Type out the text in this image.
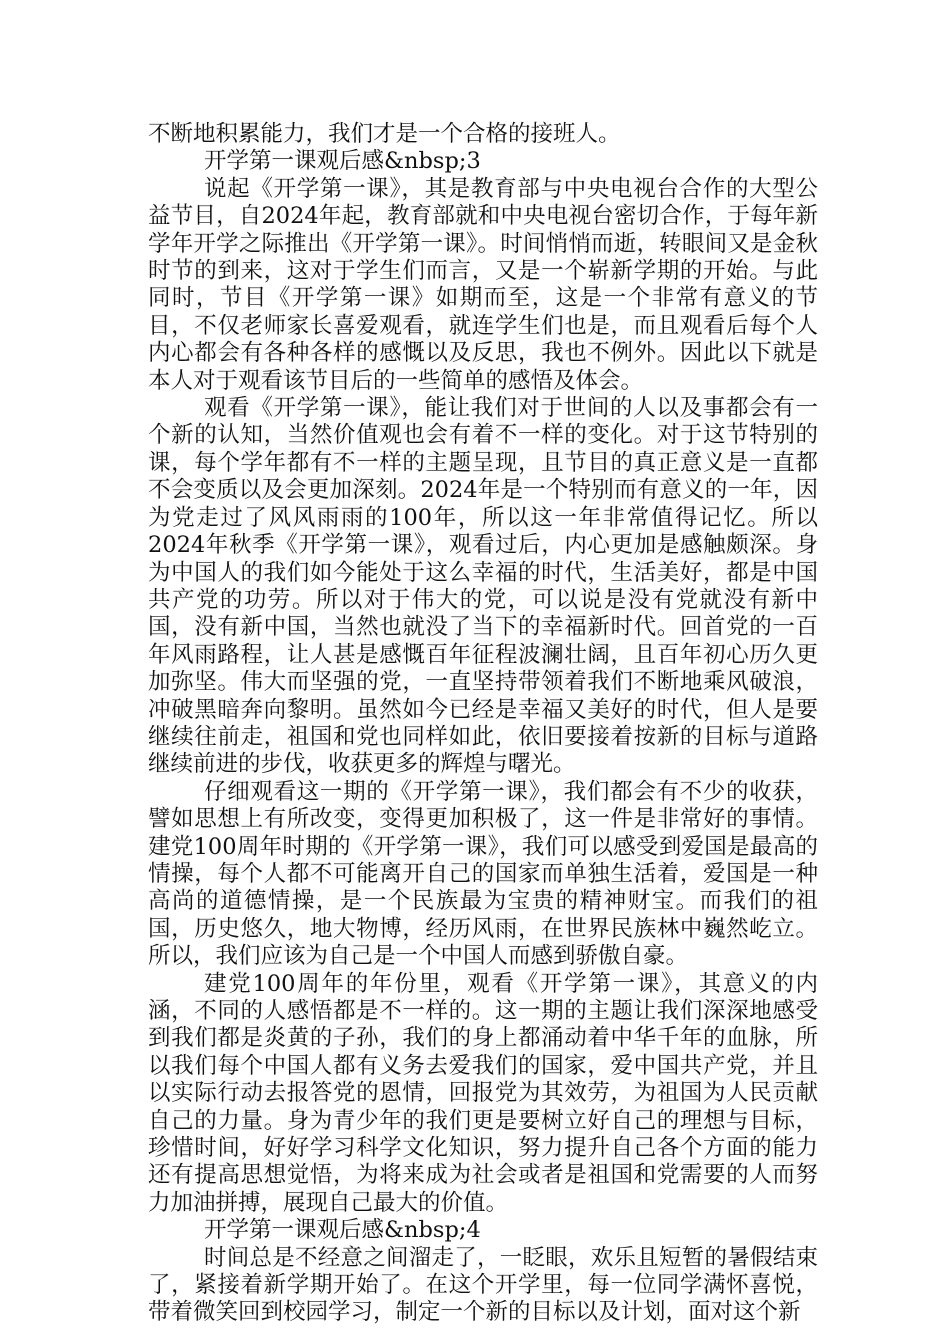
不断地积累能力，我们才是一个合格的接班人。
开学第一课观后感&nbsp;3
说起《开学第一课》，其是教育部与中央电视台合作的大型公益节目，自2024年起，教育部就和中央电视台密切合作，于每年新学年开学之际推出《开学第一课》。时间悄悄而逝，转眼间又是金秋时节的到来，这对于学生们而言，又是一个崭新学期的开始。与此同时，节目《开学第一课》如期而至，这是一个非常有意义的节目，不仅老师家长喜爱观看，就连学生们也是，而且观看后每个人内心都会有各种各样的感慨以及反思，我也不例外。因此以下就是本人对于观看该节目后的一些简单的感悟及体会。
观看《开学第一课》，能让我们对于世间的人以及事都会有一个新的认知，当然价值观也会有着不一样的变化。对于这节特别的课，每个学年都有不一样的主题呈现，且节目的真正意义是一直都不会变质以及会更加深刻。2024年是一个特别而有意义的一年，因为党走过了风风雨雨的100年，所以这一年非常值得记忆。所以2024年秋季《开学第一课》，观看过后，内心更加是感触颇深。身为中国人的我们如今能处于这么幸福的时代，生活美好，都是中国共产党的功劳。所以对于伟大的党，可以说是没有党就没有新中国，没有新中国，当然也就没了当下的幸福新时代。回首党的一百年风雨路程，让人甚是感慨百年征程波澜壮阔，且百年初心历久更加弥坚。伟大而坚强的党，一直坚持带领着我们不断地乘风破浪，冲破黑暗奔向黎明。虽然如今已经是幸福又美好的时代，但人是要继续往前走，祖国和党也同样如此，依旧要接着按新的目标与道路继续前进的步伐，收获更多的辉煌与曙光。
仔细观看这一期的《开学第一课》，我们都会有不少的收获，譬如思想上有所改变，变得更加积极了，这一件是非常好的事情。建党100周年时期的《开学第一课》，我们可以感受到爱国是最高的情操，每个人都不可能离开自己的国家而单独生活着，爱国是一种高尚的道德情操，是一个民族最为宝贵的精神财宝。而我们的祖国，历史悠久，地大物博，经历风雨，在世界民族林中巍然屹立。所以，我们应该为自己是一个中国人而感到骄傲自豪。
建党100周年的年份里，观看《开学第一课》，其意义的内涵，不同的人感悟都是不一样的。这一期的主题让我们深深地感受到我们都是炎黄的子孙，我们的身上都涌动着中华千年的血脉，所以我们每个中国人都有义务去爱我们的国家，爱中国共产党，并且以实际行动去报答党的恩情，回报党为其效劳，为祖国为人民贡献自己的力量。身为青少年的我们更是要树立好自己的理想与目标，珍惜时间，好好学习科学文化知识，努力提升自己各个方面的能力还有提高思想觉悟，为将来成为社会或者是祖国和党需要的人而努力加油拼搏，展现自己最大的价值。
开学第一课观后感&nbsp;4
时间总是不经意之间溜走了，一眨眼，欢乐且短暂的暑假结束了，紧接着新学期开始了。在这个开学里，每一位同学满怀喜悦，带着微笑回到校园学习，制定一个新的目标以及计划，面对这个新
